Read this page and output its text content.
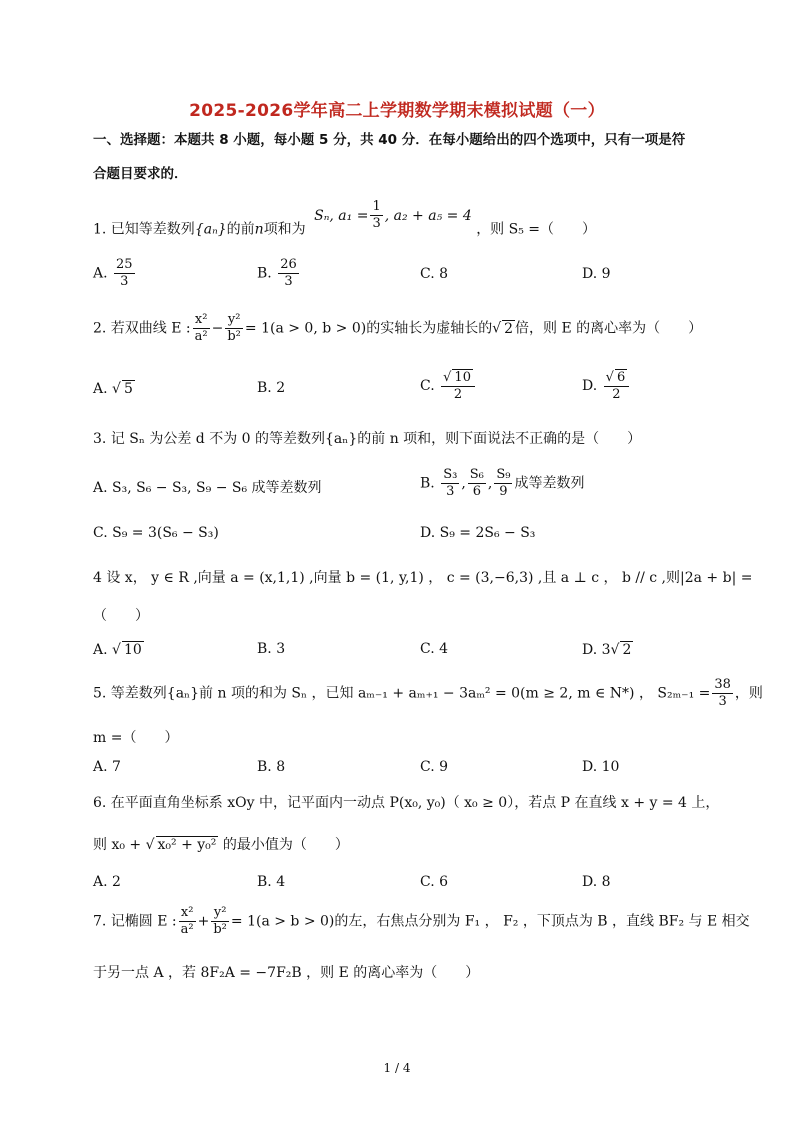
2025-2026学年高二上学期数学期末模拟试题（一）
一、选择题：本题共 8 小题，每小题 5 分，共 40 分．在每小题给出的四个选项中，只有一项是符
合题目要求的．
1. 已知等差数列{aₙ}的前n项和为 Sₙ, $a_1 = \frac{1}{3}$ , a₂ + a₅ = 4 ，则 S₅ =（　　）
A. $\frac{25}{3}$	B. $\frac{26}{3}$	C. 8	D. 9
2. 若双曲线 E : $\frac{\text{x²}}{\text{a²}} - \frac{\text{y²}}{\text{b²}} = 1(a > 0$, b > 0)的实轴长为虚轴长的√ 2 倍，则 E 的离心率为（　　）
A. √ 5	B. 2	C. $\frac{√ 10}{2}$	D. $\frac{√ 6}{2}$
3. 记 Sₙ 为公差 d 不为 0 的等差数列{aₙ}的前 n 项和，则下面说法不正确的是（　　）
A. S₃, S₆ − S₃, S₉ − S₆ 成等差数列	B. $\frac{\text{S₃}}{3}$ , $\frac{\text{S₆}}{6}$ , $\frac{\text{S₉}}{9}$ 成等差数列
C. S₉ = 3(S₆ − S₃)	D. S₉ = 2S₆ − S₃
4 设 x， y ∈ R ,向量 a = (x,1,1) ,向量 b = (1, y,1) ， c = (3,−6,3) ,且 a ⊥ c ， b // c ,则|2a + b| =
（　　）
A. √ 10	B. 3	C. 4	D. 3√ 2
5. 等差数列{aₙ}前 n 项的和为 Sₙ ，已知 aₘ₋₁ + aₘ₊₁ − 3aₘ² = 0(m ≥ 2, m ∈ N*) ， $S_{2m-1} = \frac{38}{3}$ ，则
m =（　　）
A. 7	B. 8	C. 9	D. 10
6. 在平面直角坐标系 xOy 中，记平面内一动点 P(x₀, y₀)（ x₀ ≥ 0），若点 P 在直线 x + y = 4 上，
则 x₀ + √ x₀² + y₀² 的最小值为（　　）
A. 2	B. 4	C. 6	D. 8
7. 记椭圆 E : $\frac{\text{x²}}{\text{a²}} + \frac{\text{y²}}{\text{b²}} = 1(a > b > 0)$的左，右焦点分别为 F₁ ， F₂ ，下顶点为 B ，直线 BF₂ 与 E 相交
于另一点 A ，若 8F₂A = −7F₂B ，则 E 的离心率为（　　）
1 / 4
